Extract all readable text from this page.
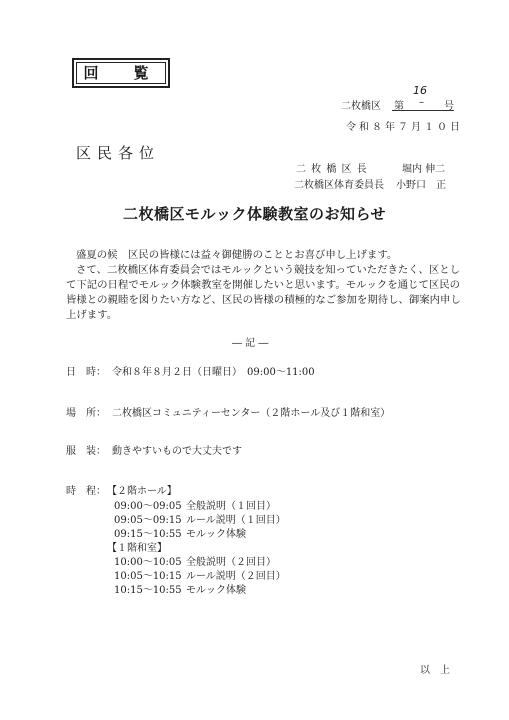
回　覧
二枚橋区 第
16
– 号
令和８年７月１０日
区民各位
二 枚 橋 区 長	堀内 伸二
二枚橋区体育委員長 小野口　正
二枚橋区モルック体験教室のお知らせ
盛夏の候　区民の皆様には益々御健勝のこととお喜び申し上げます。
さて、二枚橋区体育委員会ではモルックという競技を知っていただきたく、区とし
て下記の日程でモルック体験教室を開催したいと思います。モルックを通じて区民の
皆様との親睦を図りたい方など、区民の皆様の積極的なご参加を期待し、御案内申し
上げます。
― 記 ―
日　時： 令和８年８月２日（日曜日）　09:00～11:00
場　所： 二枚橋区コミュニティーセンター（２階ホール及び１階和室）
服　装： 動きやすいもので大丈夫です
時　程： 【２階ホール】
09:00～09:05 全般説明（１回目）
09:05～09:15 ルール説明（１回目）
09:15～10:55 モルック体験
【１階和室】
10:00～10:05 全般説明（２回目）
10:05～10:15 ルール説明（２回目）
10:15～10:55 モルック体験
以　上
